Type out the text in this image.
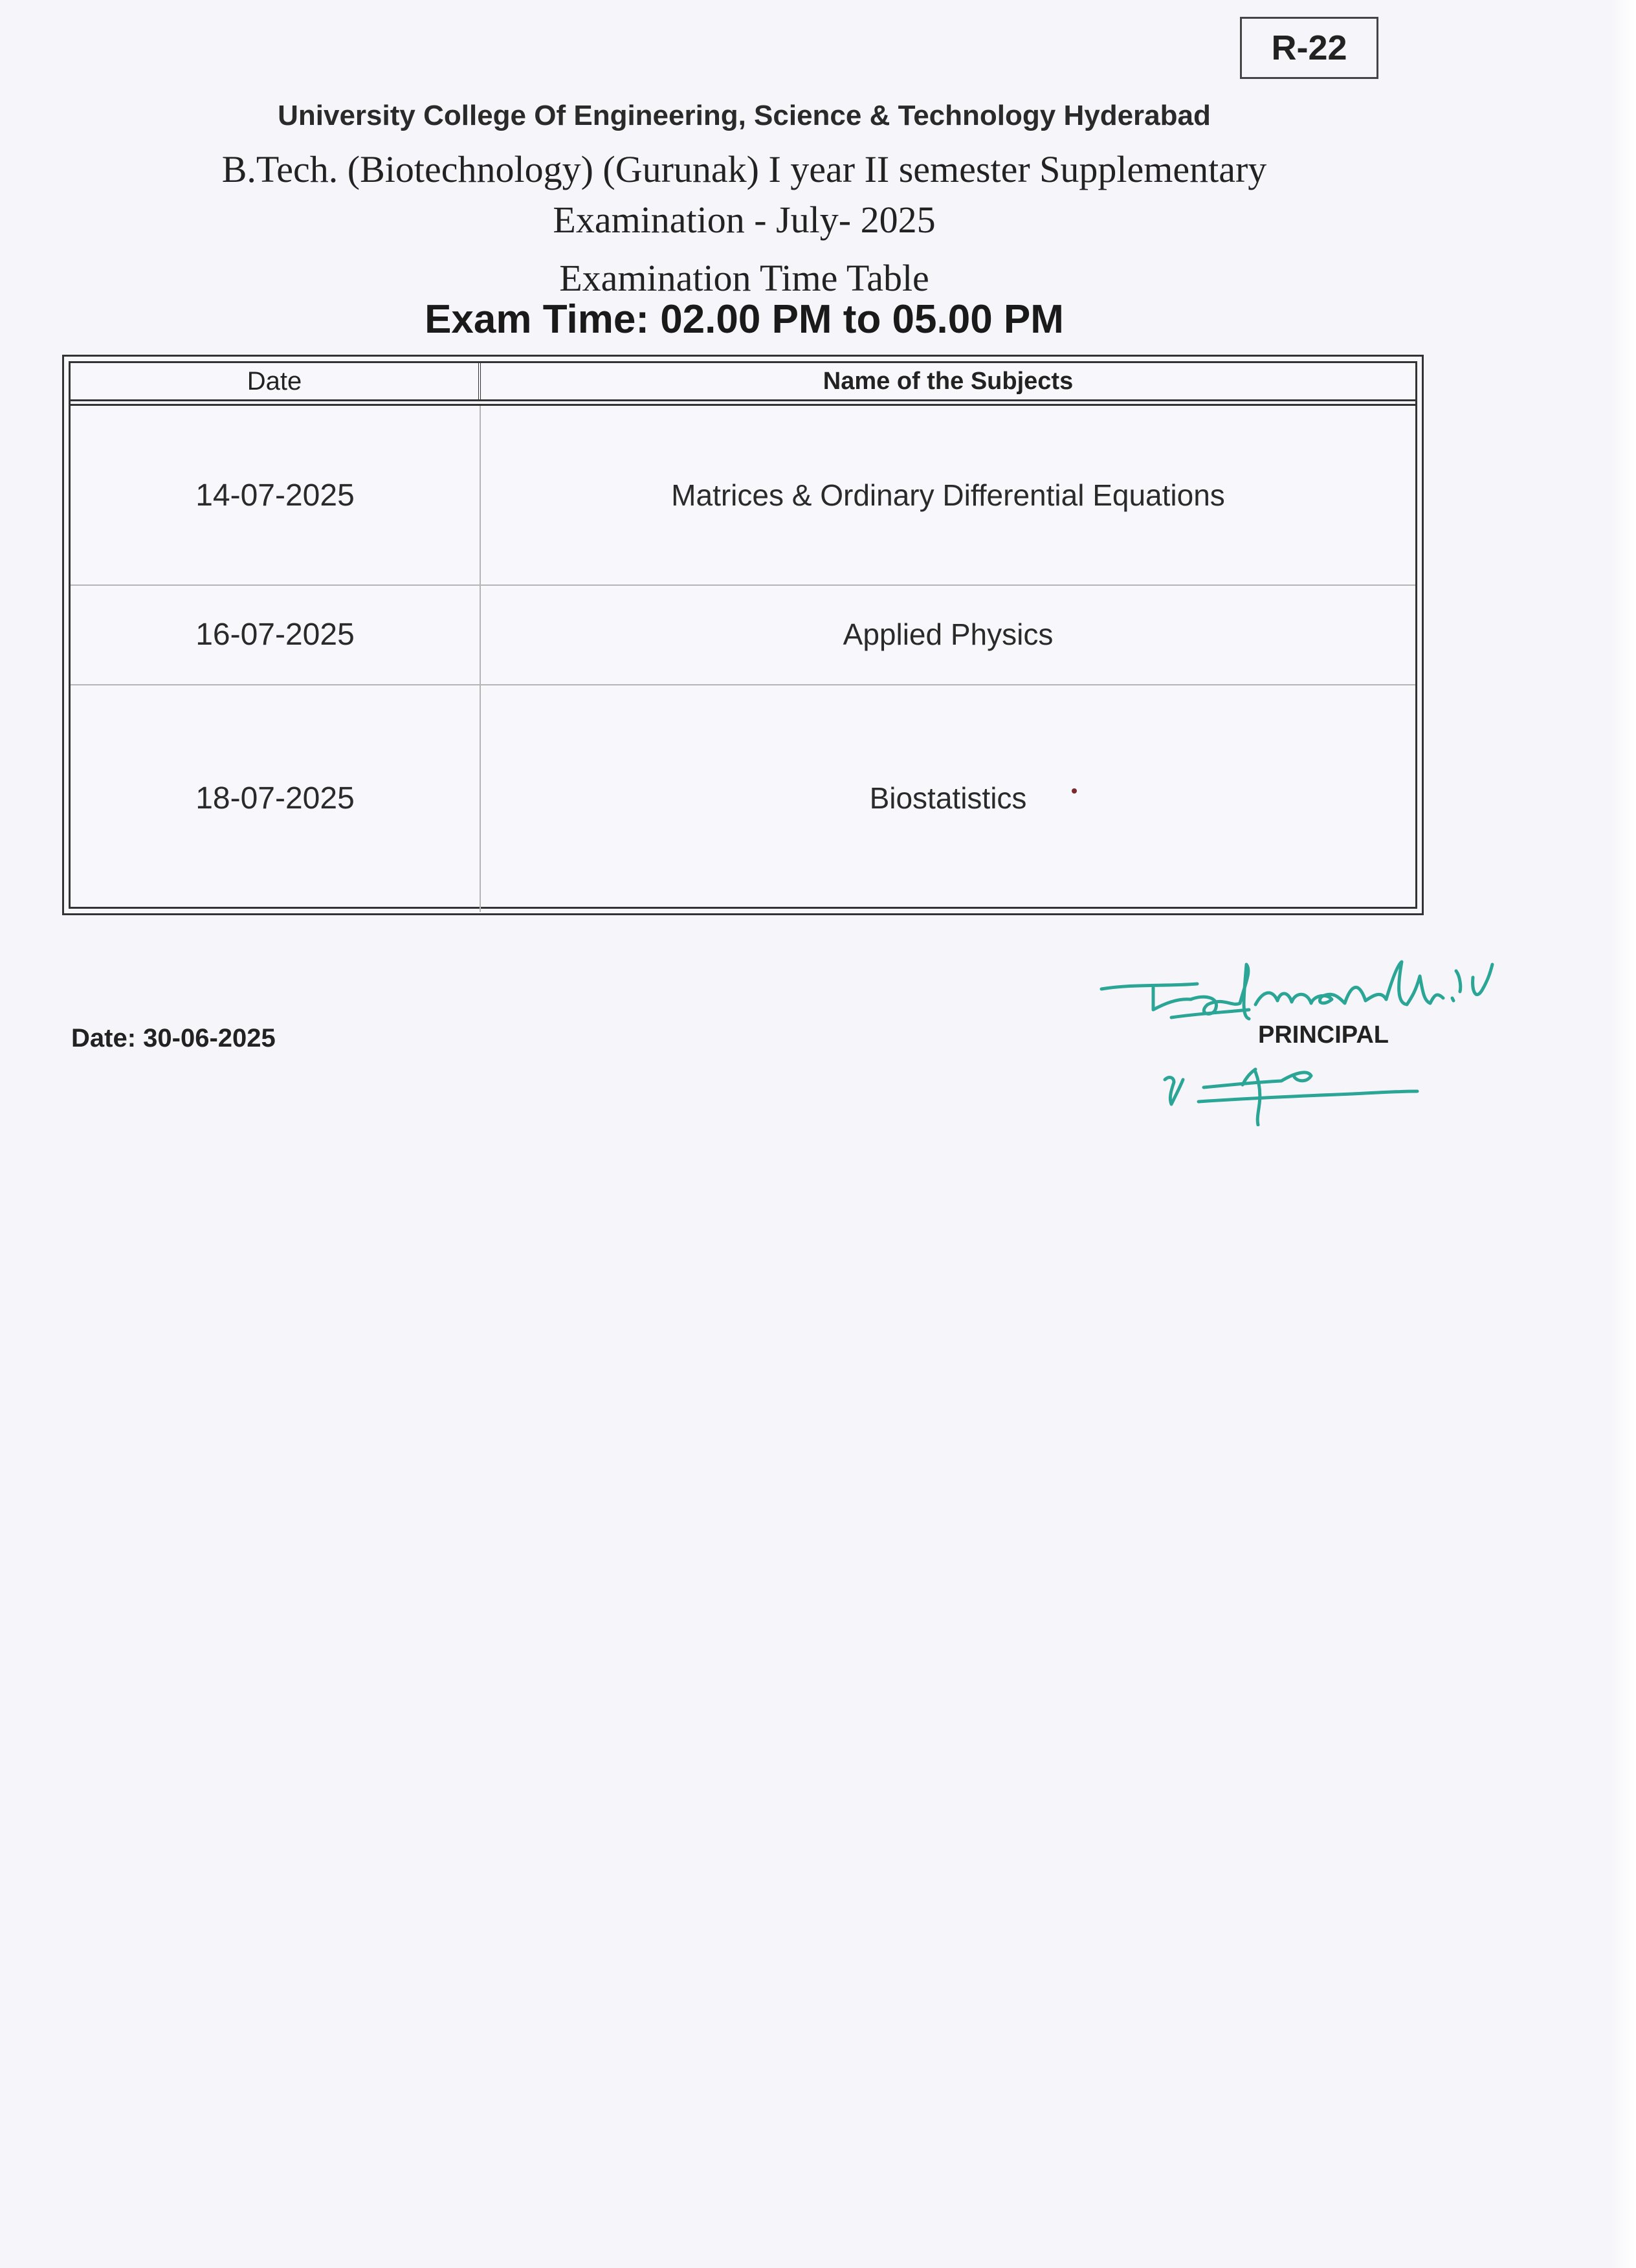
R-22
University College Of Engineering, Science & Technology Hyderabad
B.Tech. (Biotechnology) (Gurunak) I year II semester Supplementary
Examination - July- 2025
Examination Time Table
Exam Time: 02.00 PM to 05.00 PM
Date	Name of the Subjects
14-07-2025	Matrices & Ordinary Differential Equations
16-07-2025	Applied Physics
18-07-2025	Biostatistics
Date: 30-06-2025	PRINCIPAL
